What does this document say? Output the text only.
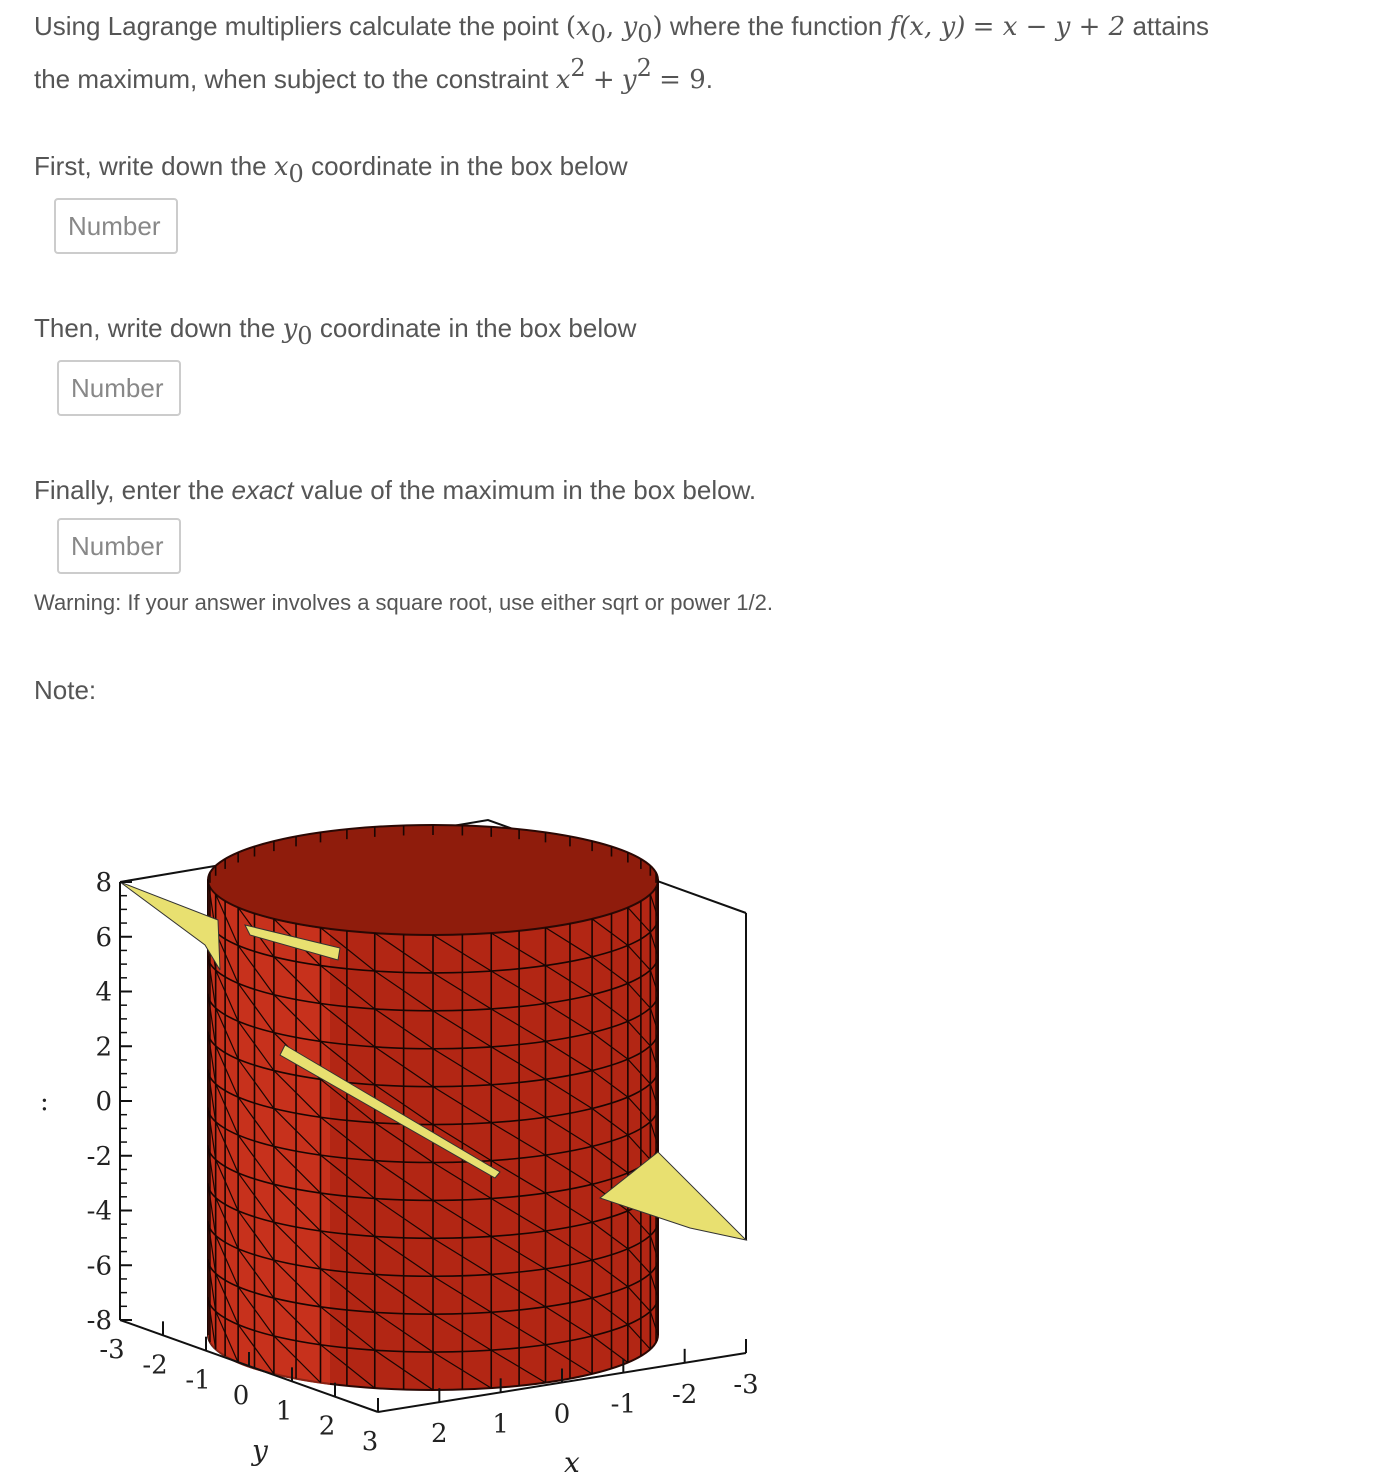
Using Lagrange multipliers calculate the point (x0, y0) where the function f(x, y) = x − y + 2 attains
the maximum, when subject to the constraint x2 + y2 = 9.
First, write down the x0 coordinate in the box below
Number
Then, write down the y0 coordinate in the box below
Number
Finally, enter the exact value of the maximum in the box below.
Number
Warning: If your answer involves a square root, use either sqrt or power 1/2.
Note:
8
6
4
2
0
-2
-4
-6
-8
-3
-2
-1
0
1
2
3 2 1 0 -1 -2 -3
y	x
:
